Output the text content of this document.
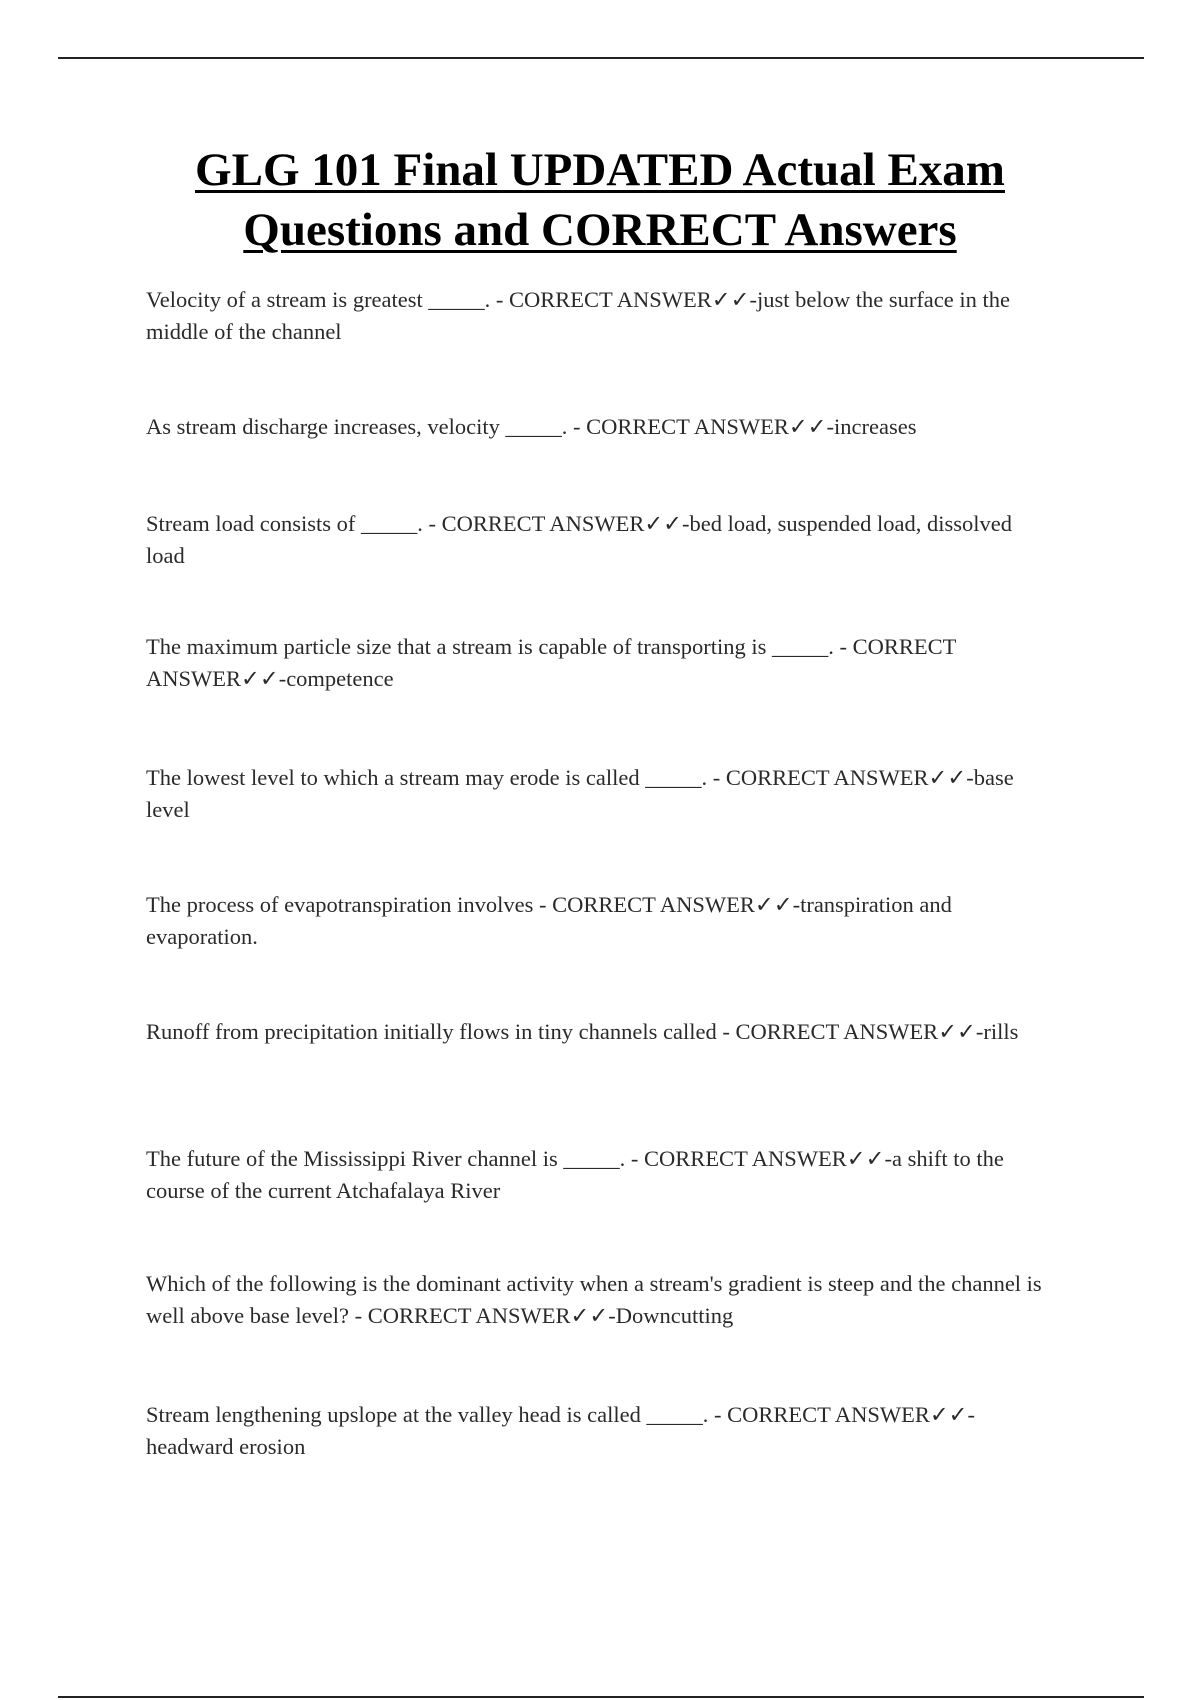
GLG 101 Final UPDATED Actual Exam
Questions and CORRECT Answers

Velocity of a stream is greatest _____. - CORRECT ANSWER✓✓-just below the surface in the middle of the channel

As stream discharge increases, velocity _____. - CORRECT ANSWER✓✓-increases

Stream load consists of _____. - CORRECT ANSWER✓✓-bed load, suspended load, dissolved load

The maximum particle size that a stream is capable of transporting is _____. - CORRECT ANSWER✓✓-competence

The lowest level to which a stream may erode is called _____. - CORRECT ANSWER✓✓-base level

The process of evapotranspiration involves - CORRECT ANSWER✓✓-transpiration and evaporation.

Runoff from precipitation initially flows in tiny channels called - CORRECT ANSWER✓✓-rills

The future of the Mississippi River channel is _____. - CORRECT ANSWER✓✓-a shift to the course of the current Atchafalaya River

Which of the following is the dominant activity when a stream's gradient is steep and the channel is well above base level? - CORRECT ANSWER✓✓-Downcutting

Stream lengthening upslope at the valley head is called _____. - CORRECT ANSWER✓✓-headward erosion
